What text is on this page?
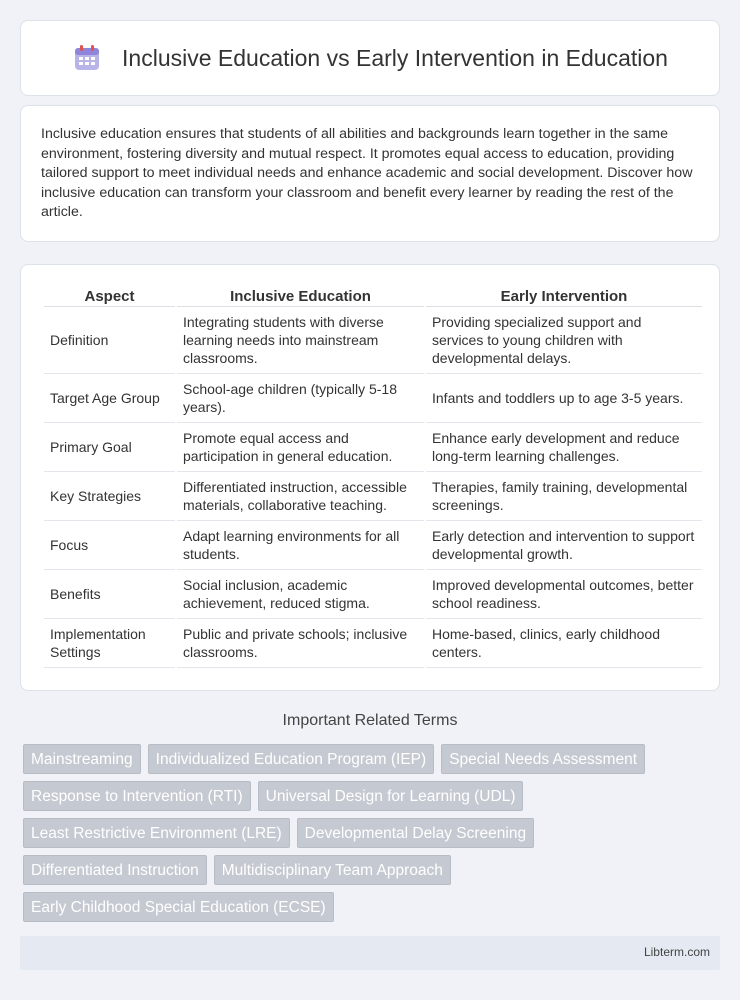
Inclusive Education vs Early Intervention in Education

Inclusive education ensures that students of all abilities and backgrounds learn together in the same environment, fostering diversity and mutual respect. It promotes equal access to education, providing tailored support to meet individual needs and enhance academic and social development. Discover how inclusive education can transform your classroom and benefit every learner by reading the rest of the article.

Aspect	Inclusive Education	Early Intervention
Definition	Integrating students with diverse learning needs into mainstream classrooms.	Providing specialized support and services to young children with developmental delays.
Target Age Group	School-age children (typically 5-18 years).	Infants and toddlers up to age 3-5 years.
Primary Goal	Promote equal access and participation in general education.	Enhance early development and reduce long-term learning challenges.
Key Strategies	Differentiated instruction, accessible materials, collaborative teaching.	Therapies, family training, developmental screenings.
Focus	Adapt learning environments for all students.	Early detection and intervention to support developmental growth.
Benefits	Social inclusion, academic achievement, reduced stigma.	Improved developmental outcomes, better school readiness.
Implementation Settings	Public and private schools; inclusive classrooms.	Home-based, clinics, early childhood centers.
Important Related Terms
Mainstreaming	Individualized Education Program (IEP)	Special Needs Assessment
Response to Intervention (RTI)	Universal Design for Learning (UDL)
Least Restrictive Environment (LRE)	Developmental Delay Screening
Differentiated Instruction	Multidisciplinary Team Approach
Early Childhood Special Education (ECSE)
Libterm.com
